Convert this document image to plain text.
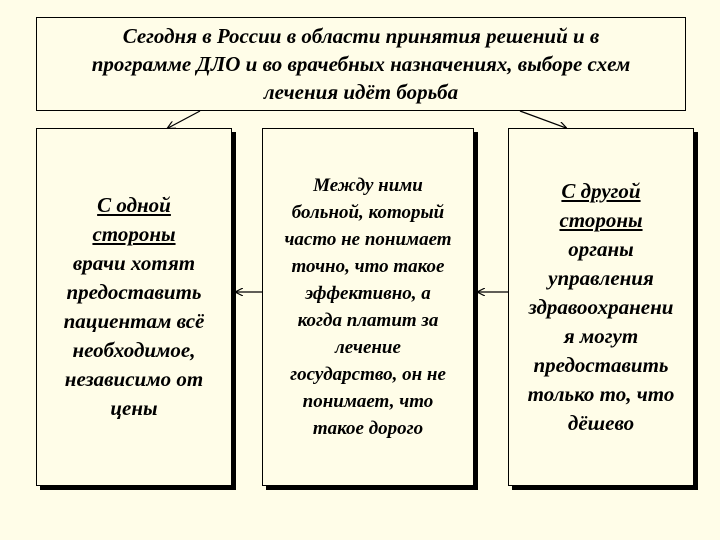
Сегодня в России в области принятия решений и в
программе ДЛО и во врачебных назначениях, выборе схем
лечения идёт борьба
С одной
стороны
врачи хотят
предоставить
пациентам всё
необходимое,
независимо от
цены
Между ними
больной, который
часто не понимает
точно, что такое
эффективно, а
когда платит за
лечение
государство, он не
понимает, что
такое дорого
С другой
стороны
органы
управления
здравоохранени
я могут
предоставить
только то, что
дёшево
